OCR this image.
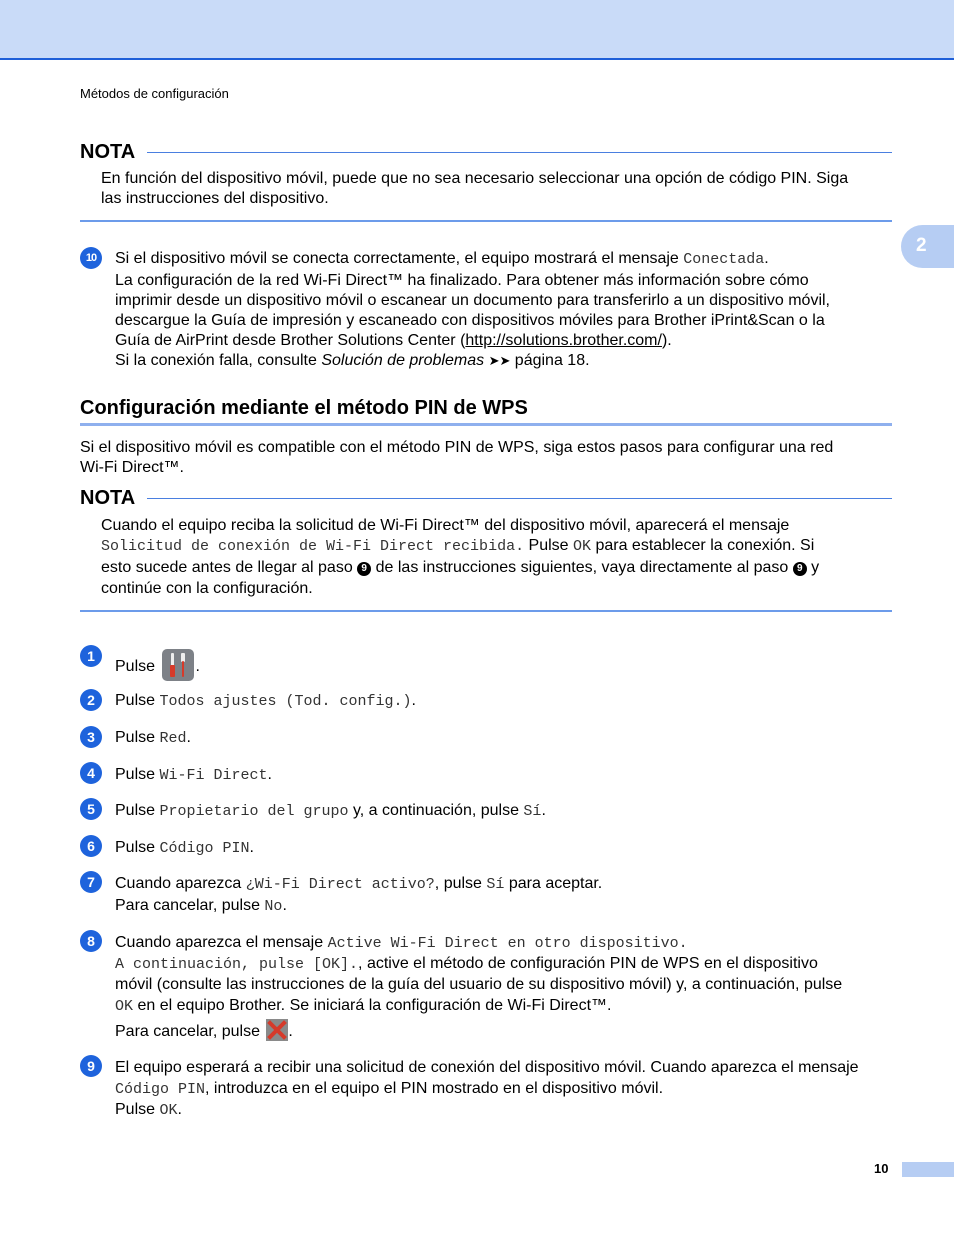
Métodos de configuración
2
NOTA
En función del dispositivo móvil, puede que no sea necesario seleccionar una opción de código PIN. Siga
las instrucciones del dispositivo.
10	Si el dispositivo móvil se conecta correctamente, el equipo mostrará el mensaje Conectada.
La configuración de la red Wi-Fi Direct™ ha finalizado. Para obtener más información sobre cómo
imprimir desde un dispositivo móvil o escanear un documento para transferirlo a un dispositivo móvil,
descargue la Guía de impresión y escaneado con dispositivos móviles para Brother iPrint&Scan o la
Guía de AirPrint desde Brother Solutions Center (http://solutions.brother.com/).
Si la conexión falla, consulte Solución de problemas ➤➤ página 18.
Configuración mediante el método PIN de WPS
Si el dispositivo móvil es compatible con el método PIN de WPS, siga estos pasos para configurar una red
Wi-Fi Direct™.
NOTA
Cuando el equipo reciba la solicitud de Wi-Fi Direct™ del dispositivo móvil, aparecerá el mensaje
Solicitud de conexión de Wi-Fi Direct recibida. Pulse OK para establecer la conexión. Si
esto sucede antes de llegar al paso 9 de las instrucciones siguientes, vaya directamente al paso 9 y
continúe con la configuración.
1
Pulse .
2	Pulse Todos ajustes (Tod. config.).
3	Pulse Red.
4	Pulse Wi-Fi Direct.
5	Pulse Propietario del grupo y, a continuación, pulse Sí.
6	Pulse Código PIN.
7	Cuando aparezca ¿Wi-Fi Direct activo?, pulse Sí para aceptar.
Para cancelar, pulse No.
8	Cuando aparezca el mensaje Active Wi-Fi Direct en otro dispositivo.
A continuación, pulse [OK]., active el método de configuración PIN de WPS en el dispositivo
móvil (consulte las instrucciones de la guía del usuario de su dispositivo móvil) y, a continuación, pulse
OK en el equipo Brother. Se iniciará la configuración de Wi-Fi Direct™.
Para cancelar, pulse .
9	El equipo esperará a recibir una solicitud de conexión del dispositivo móvil. Cuando aparezca el mensaje
Código PIN, introduzca en el equipo el PIN mostrado en el dispositivo móvil.
Pulse OK.
10
